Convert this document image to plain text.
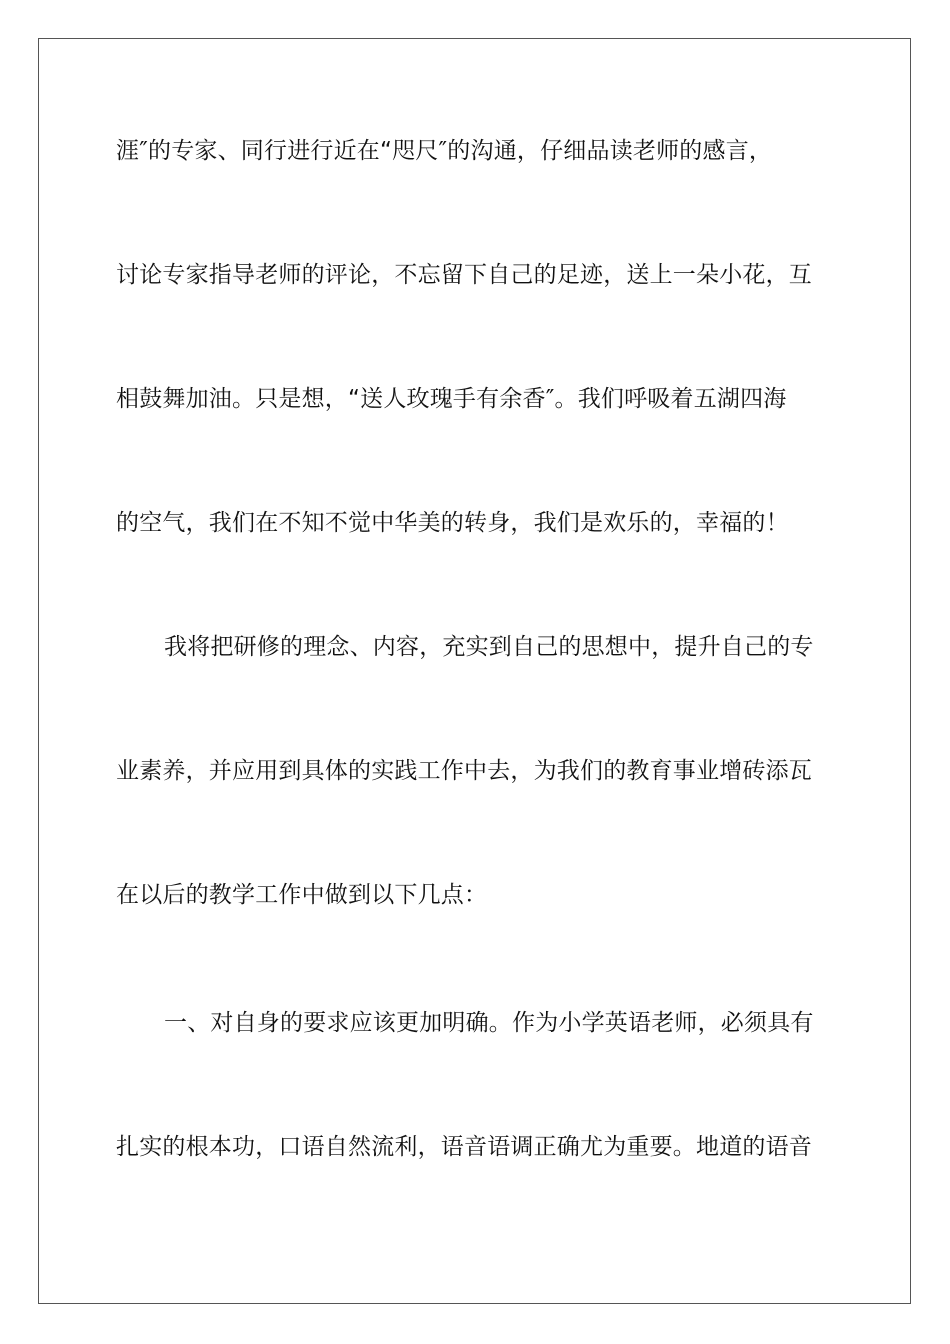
涯″的专家、同行进行近在“咫尺″的沟通，仔细品读老师的感言，
讨论专家指导老师的评论，不忘留下自己的足迹，送上一朵小花，互
相鼓舞加油。只是想，“送人玫瑰手有余香″。我们呼吸着五湖四海
的空气，我们在不知不觉中华美的转身，我们是欢乐的，幸福的！
我将把研修的理念、内容，充实到自己的思想中，提升自己的专
业素养，并应用到具体的实践工作中去，为我们的教育事业增砖添瓦
在以后的教学工作中做到以下几点：
一、对自身的要求应该更加明确。作为小学英语老师，必须具有
扎实的根本功，口语自然流利，语音语调正确尤为重要。地道的语音
